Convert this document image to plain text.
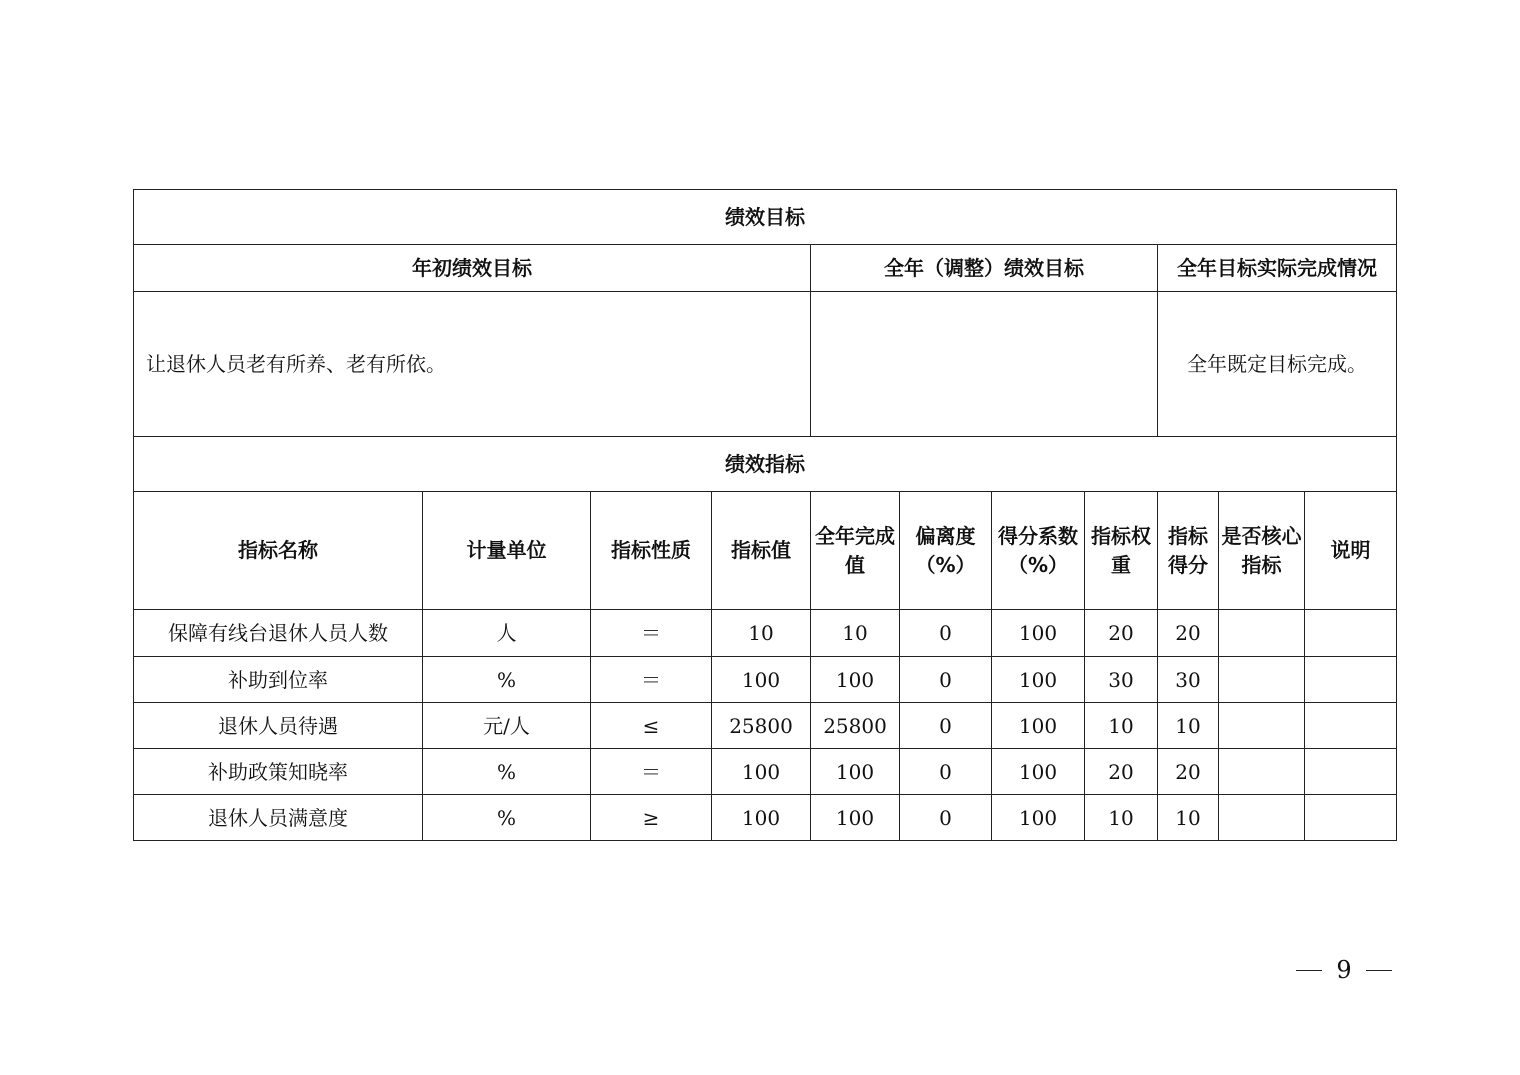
绩效目标										
年初绩效目标				全年（调整）绩效目标				全年目标实际完成情况		
让退休人员老有所养、老有所依。								全年既定目标完成。		
绩效指标										
指标名称	计量单位	指标性质	指标值	全年完成值	偏离度（%）	得分系数（%）	指标权重	指标得分	是否核心指标	说明
保障有线台退休人员人数	人	＝	10	10	0	100	20	20		
补助到位率	%	＝	100	100	0	100	30	30		
退休人员待遇	元/人	≤	25800	25800	0	100	10	10		
补助政策知晓率	%	＝	100	100	0	100	20	20		
退休人员满意度	%	≥	100	100	0	100	10	10		
9
